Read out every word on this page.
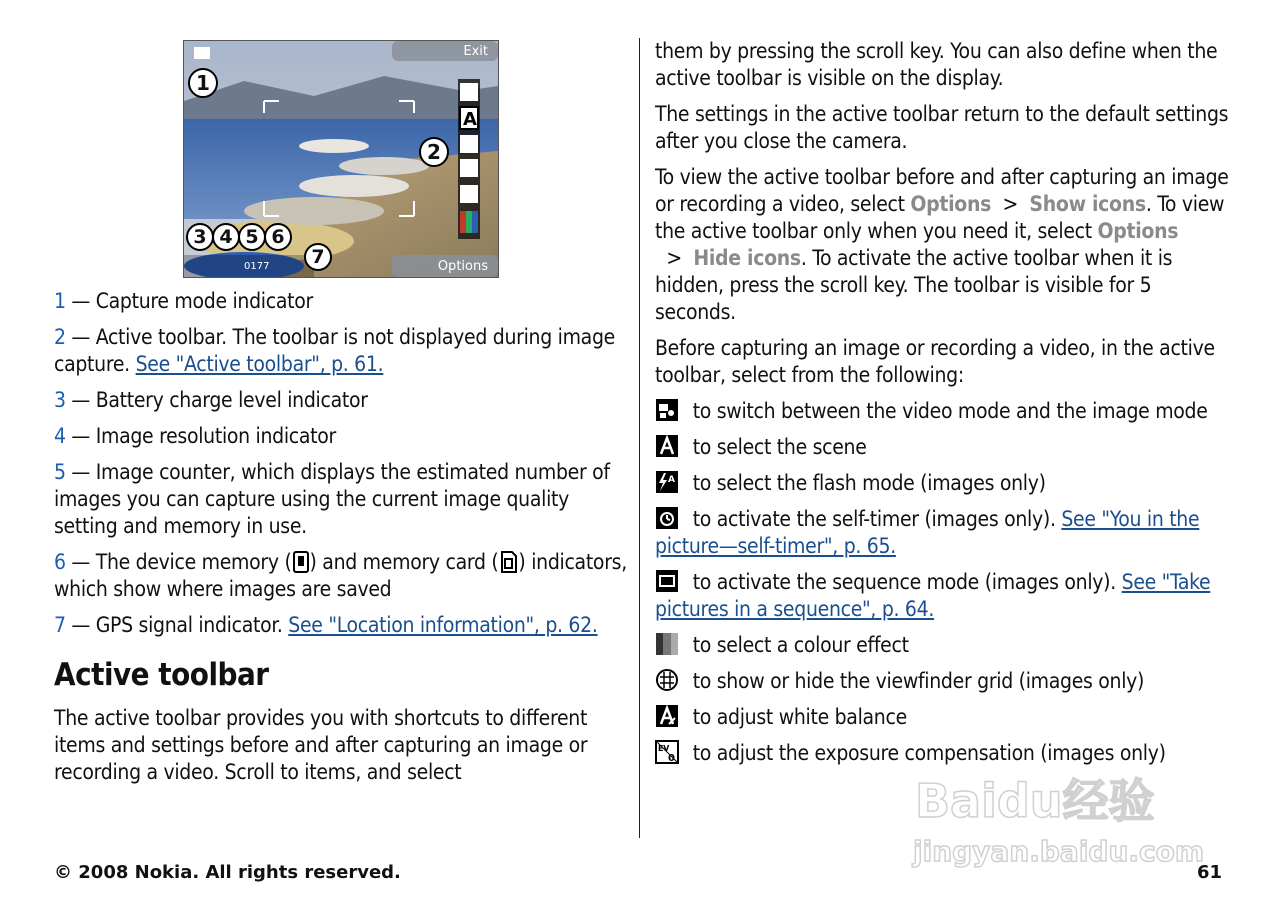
A
Exit
Options
0177
1
2
3 4 5 6
7

1 — Capture mode indicator

2 — Active toolbar. The toolbar is not displayed during image capture. See "Active toolbar", p. 61.

3 — Battery charge level indicator

4 — Image resolution indicator

5 — Image counter, which displays the estimated number of images you can capture using the current image quality setting and memory in use.

6 — The device memory ( ) and memory card ( ) indicators, which show where images are saved

7 — GPS signal indicator. See "Location information", p. 62.

Active toolbar

The active toolbar provides you with shortcuts to different items and settings before and after capturing an image or recording a video. Scroll to items, and select

them by pressing the scroll key. You can also define when the active toolbar is visible on the display.

The settings in the active toolbar return to the default settings after you close the camera.

To view the active toolbar before and after capturing an image or recording a video, select Options  >  Show icons. To view the active toolbar only when you need it, select Options  >  Hide icons. To activate the active toolbar when it is hidden, press the scroll key. The toolbar is visible for 5 seconds.

Before capturing an image or recording a video, in the active toolbar, select from the following:

to switch between the video mode and the image mode

to select the scene

A to select the flash mode (images only)

to activate the self-timer (images only). See "You in the picture—self-timer", p. 65.

to activate the sequence mode (images only). See "Take pictures in a sequence", p. 64.

to select a colour effect

to show or hide the viewfinder grid (images only)

to adjust white balance

EV
0 to adjust the exposure compensation (images only)

Baidu经验
jingyan.baidu.com
© 2008 Nokia. All rights reserved.	61
